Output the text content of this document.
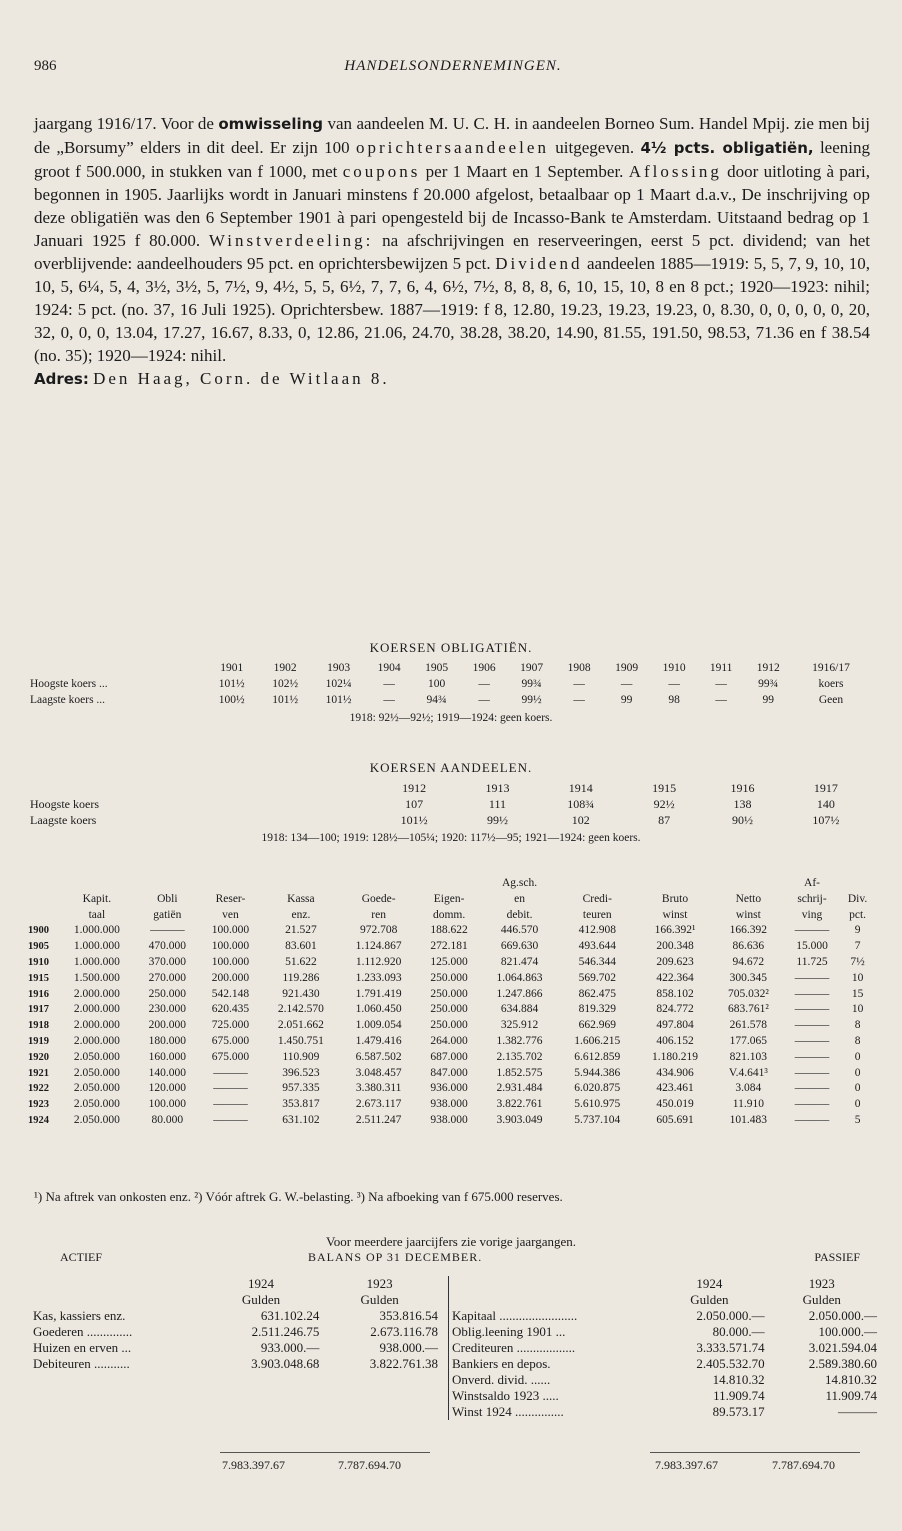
986	HANDELSONDERNEMINGEN.

jaargang 1916/17. Voor de omwisseling van aandeelen M. U. C. H. in aandeelen Borneo Sum. Handel Mpij. zie men bij de „Borsumy” elders in dit deel. Er zijn 100 oprichtersaandeelen uitgegeven. 4½ pcts. obligatiën, leening groot f 500.000, in stukken van f 1000, met coupons per 1 Maart en 1 September. Aflossing door uitloting à pari, begonnen in 1905. Jaarlijks wordt in Januari minstens f 20.000 afgelost, betaalbaar op 1 Maart d.a.v., De inschrijving op deze obligatiën was den 6 September 1901 à pari opengesteld bij de Incasso-Bank te Amsterdam. Uitstaand bedrag op 1 Januari 1925 f 80.000. Winstverdeeling: na afschrijvingen en reserveeringen, eerst 5 pct. dividend; van het overblijvende: aandeelhouders 95 pct. en oprichtersbewijzen 5 pct. Dividend aandeelen 1885—1919: 5, 5, 7, 9, 10, 10, 10, 5, 6¼, 5, 4, 3½, 3½, 5, 7½, 9, 4½, 5, 5, 6½, 7, 7, 6, 4, 6½, 7½, 8, 8, 8, 6, 10, 15, 10, 8 en 8 pct.; 1920—1923: nihil; 1924: 5 pct. (no. 37, 16 Juli 1925). Oprichtersbew. 1887—1919: f 8, 12.80, 19.23, 19.23, 19.23, 0, 8.30, 0, 0, 0, 0, 0, 20, 32, 0, 0, 0, 13.04, 17.27, 16.67, 8.33, 0, 12.86, 21.06, 24.70, 38.28, 38.20, 14.90, 81.55, 191.50, 98.53, 71.36 en f 38.54 (no. 35); 1920—1924: nihil.

Adres: Den Haag, Corn. de Witlaan 8.

KOERSEN OBLIGATIËN.
	1901	1902	1903	1904	1905	1906	1907	1908	1909	1910	1911	1912	1916/17
Hoogste koers ...	101½	102½	102¼	—	100	—	99¾	—	—	—	—	99¾	koers
Laagste koers ...	100½	101½	101½	—	94¾	—	99½	—	99	98	—	99	Geen
1918: 92½—92½; 1919—1924: geen koers.
KOERSEN AANDEELEN.
	1912	1913	1914	1915	1916	1917
Hoogste koers	107	111	108¾	92½	138	140
Laagste koers	101½	99½	102	87	90½	107½
1918: 134—100; 1919: 128½—105¼; 1920: 117½—95; 1921—1924: geen koers.
							Ag.sch.				Af-	
	Kapit.	Obli	Reser-	Kassa	Goede-	Eigen-	en	Credi-	Bruto	Netto	schrij-	Div.
	taal	gatiën	ven	enz.	ren	domm.	debit.	teuren	winst	winst	ving	pct.
1900	1.000.000	———	100.000	21.527	972.708	188.622	446.570	412.908	166.392¹	166.392	———	9
1905	1.000.000	470.000	100.000	83.601	1.124.867	272.181	669.630	493.644	200.348	86.636	15.000	7
1910	1.000.000	370.000	100.000	51.622	1.112.920	125.000	821.474	546.344	209.623	94.672	11.725	7½
1915	1.500.000	270.000	200.000	119.286	1.233.093	250.000	1.064.863	569.702	422.364	300.345	———	10
1916	2.000.000	250.000	542.148	921.430	1.791.419	250.000	1.247.866	862.475	858.102	705.032²	———	15
1917	2.000.000	230.000	620.435	2.142.570	1.060.450	250.000	634.884	819.329	824.772	683.761²	———	10
1918	2.000.000	200.000	725.000	2.051.662	1.009.054	250.000	325.912	662.969	497.804	261.578	———	8
1919	2.000.000	180.000	675.000	1.450.751	1.479.416	264.000	1.382.776	1.606.215	406.152	177.065	———	8
1920	2.050.000	160.000	675.000	110.909	6.587.502	687.000	2.135.702	6.612.859	1.180.219	821.103	———	0
1921	2.050.000	140.000	———	396.523	3.048.457	847.000	1.852.575	5.944.386	434.906	V.4.641³	———	0
1922	2.050.000	120.000	———	957.335	3.380.311	936.000	2.931.484	6.020.875	423.461	3.084	———	0
1923	2.050.000	100.000	———	353.817	2.673.117	938.000	3.822.761	5.610.975	450.019	11.910	———	0
1924	2.050.000	80.000	———	631.102	2.511.247	938.000	3.903.049	5.737.104	605.691	101.483	———	5
¹) Na aftrek van onkosten enz. ²) Vóór aftrek G. W.-belasting. ³) Na afboeking van f 675.000 reserves.
Voor meerdere jaarcijfers zie vorige jaargangen.
ACTIEF	BALANS OP 31 DECEMBER.	PASSIEF
	1924	1923
	Gulden	Gulden
Kas, kassiers enz.	631.102.24	353.816.54
Goederen ..............	2.511.246.75	2.673.116.78
Huizen en erven ...	933.000.—	938.000.—
Debiteuren ...........	3.903.048.68	3.822.761.38
	1924	1923
	Gulden	Gulden
Kapitaal ........................	2.050.000.—	2.050.000.—
Oblig.leening 1901 ...	80.000.—	100.000.—
Crediteuren ..................	3.333.571.74	3.021.594.04
Bankiers en depos.	2.405.532.70	2.589.380.60
Onverd. divid. ......	14.810.32	14.810.32
Winstsaldo 1923 .....	11.909.74	11.909.74
Winst 1924 ...............	89.573.17	———
7.983.397.67	7.787.694.70	7.983.397.67	7.787.694.70
